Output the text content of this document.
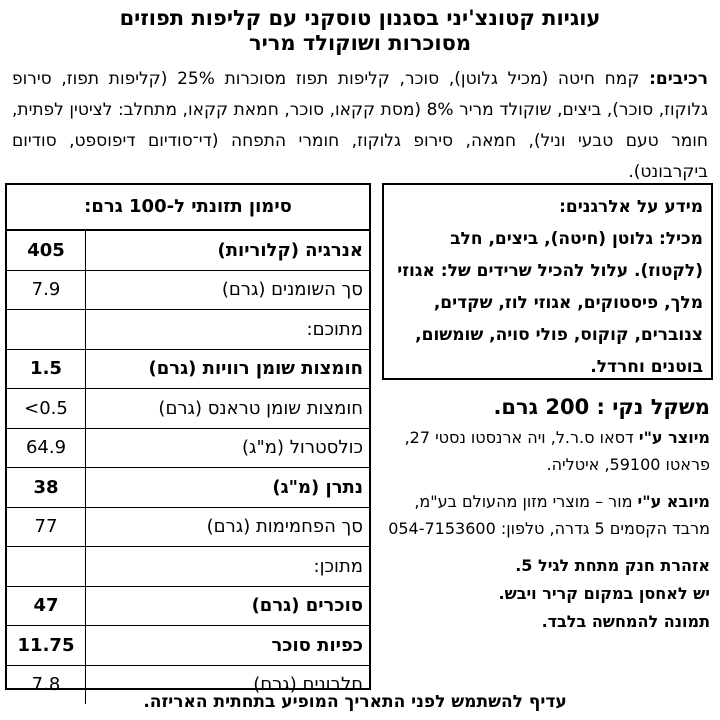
עוגיות קטונצ'יני בסגנון טוסקני עם קליפות תפוזים
מסוכרות ושוקולד מריר
רכיבים: קמח חיטה (מכיל גלוטן), סוכר, קליפות תפוז מסוכרות 25% (קליפות תפוז, סירופ גלוקוז, סוכר), ביצים, שוקולד מריר 8% (מסת קקאו, סוכר, חמאת קקאו, מתחלב: לציטין לפתית, חומר טעם טבעי וניל), חמאה, סירופ גלוקוז, חומרי התפחה (די־סודיום דיפוספט, סודיום ביקרבונט).
סימון תזונתי ל-100 גרם:
אנרגיה (קלוריות)	405
סך השומנים (גרם)	7.9
מתוכם:	
חומצות שומן רוויות (גרם)	1.5
חומצות שומן טראנס (גרם)	<0.5
כולסטרול (מ"ג)	64.9
נתרן (מ"ג)	38
סך הפחמימות (גרם)	77
מתוכן:	
סוכרים (גרם)	47
כפיות סוכר	11.75
חלבונים (גרם)	7.8
מידע על אלרגנים:
מכיל: גלוטן (חיטה), ביצים, חלב (לקטוז). עלול להכיל שרידים של: אגוזי מלך, פיסטוקים, אגוזי לוז, שקדים, צנוברים, קוקוס, פולי סויה, שומשום, בוטנים וחרדל.
משקל נקי : 200 גרם.
מיוצר ע"י דסאו ס.ר.ל, ויה ארנסטו נסטי 27, פראטו 59100, איטליה.
מיובא ע"י מור – מוצרי מזון מהעולם בע"מ, מרבד הקסמים 5 גדרה, טלפון: 054-7153600
אזהרת חנק מתחת לגיל 5.
יש לאחסן במקום קריר ויבש.
תמונה להמחשה בלבד.
עדיף להשתמש לפני התאריך המופיע בתחתית האריזה.
